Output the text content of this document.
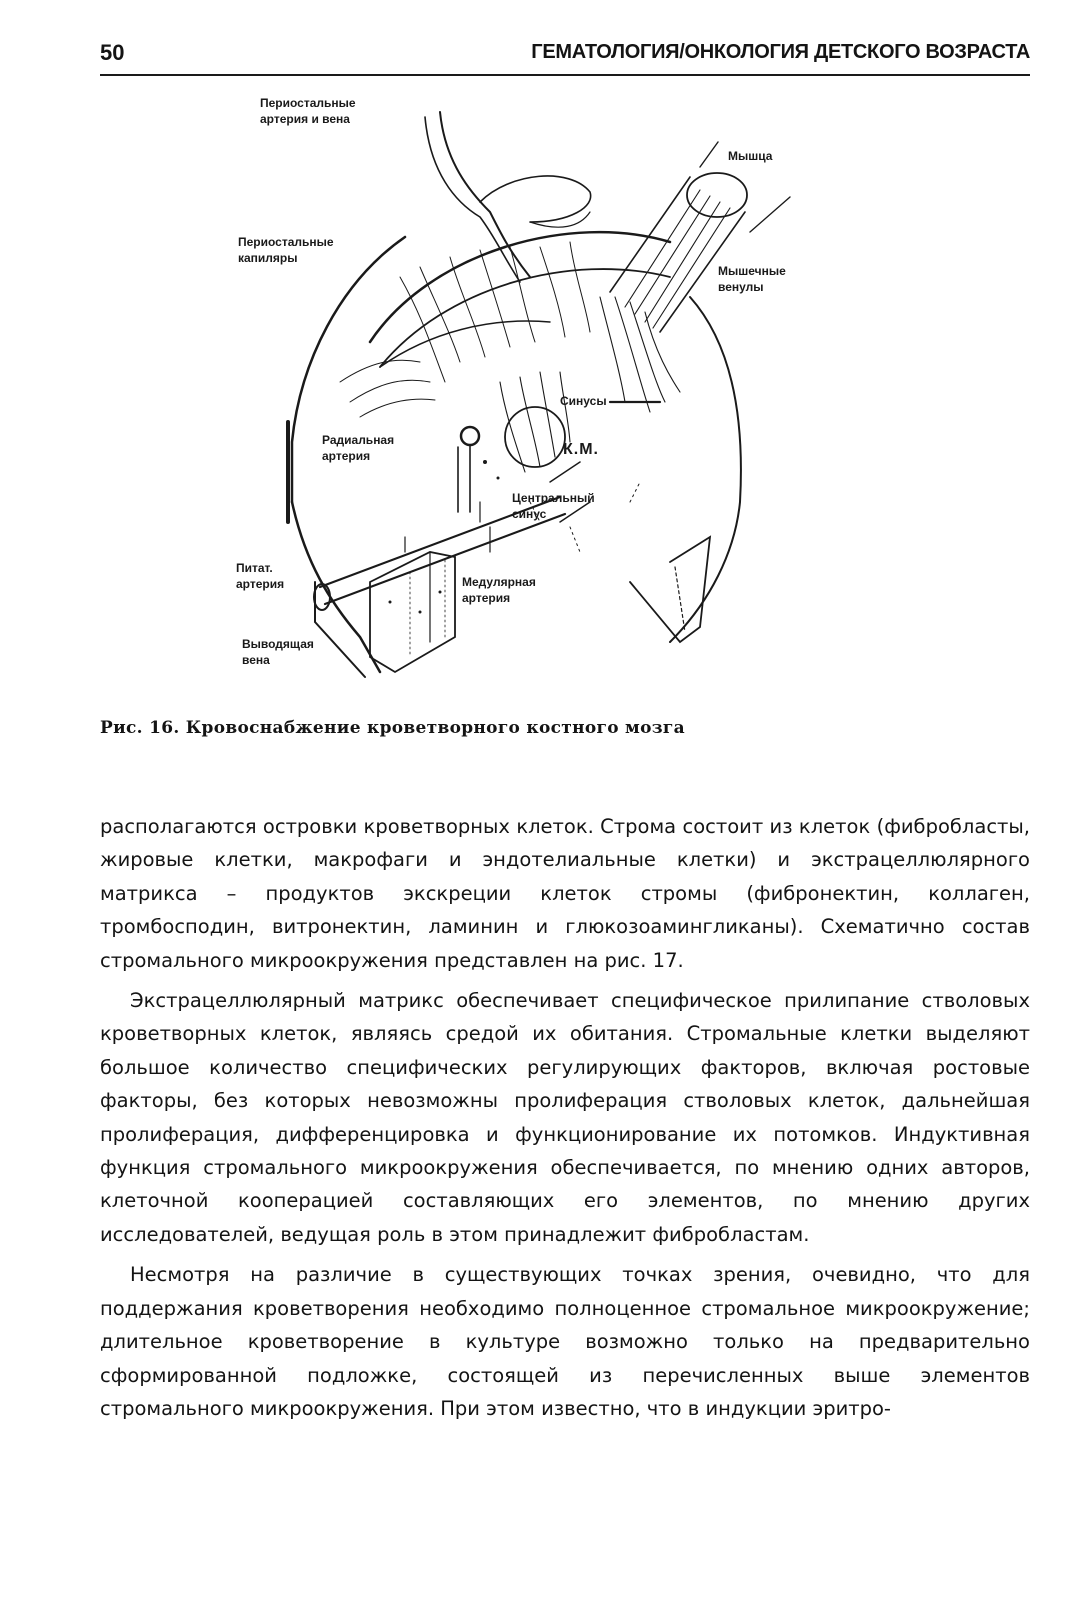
50	ГЕМАТОЛОГИЯ/ОНКОЛОГИЯ ДЕТСКОГО ВОЗРАСТА
Периостальные
артерия и вена
Мышца
Периостальные
капиляры
Мышечные
венулы
Синусы
Радиальная
артерия	К.М.
Центральный
синус
Питат.
артерия	Медулярная
артерия
Выводящая
вена
Рис. 16. Кровоснабжение кроветворного костного мозга

располагаются островки кроветворных клеток. Строма состоит из клеток (фибробласты, жировые клетки, макрофаги и эндотелиальные клетки) и экстрацеллюлярного матрикса – продуктов экскреции клеток стромы (фибронектин, коллаген, тромбосподин, витронектин, ламинин и глюкозоамингликаны). Схематично состав стромального микроокружения представлен на рис. 17.

Экстрацеллюлярный матрикс обеспечивает специфическое прилипание стволовых кроветворных клеток, являясь средой их обитания. Стромальные клетки выделяют большое количество специфических регулирующих факторов, включая ростовые факторы, без которых невозможны пролиферация стволовых клеток, дальнейшая пролиферация, дифференцировка и функционирование их потомков. Индуктивная функция стромального микроокружения обеспечивается, по мнению одних авторов, клеточной кооперацией составляющих его элементов, по мнению других исследователей, ведущая роль в этом принадлежит фибробластам.

Несмотря на различие в существующих точках зрения, очевидно, что для поддержания кроветворения необходимо полноценное стромальное микроокружение; длительное кроветворение в культуре возможно только на предварительно сформированной подложке, состоящей из перечисленных выше элементов стромального микроокружения. При этом известно, что в индукции эритро-
